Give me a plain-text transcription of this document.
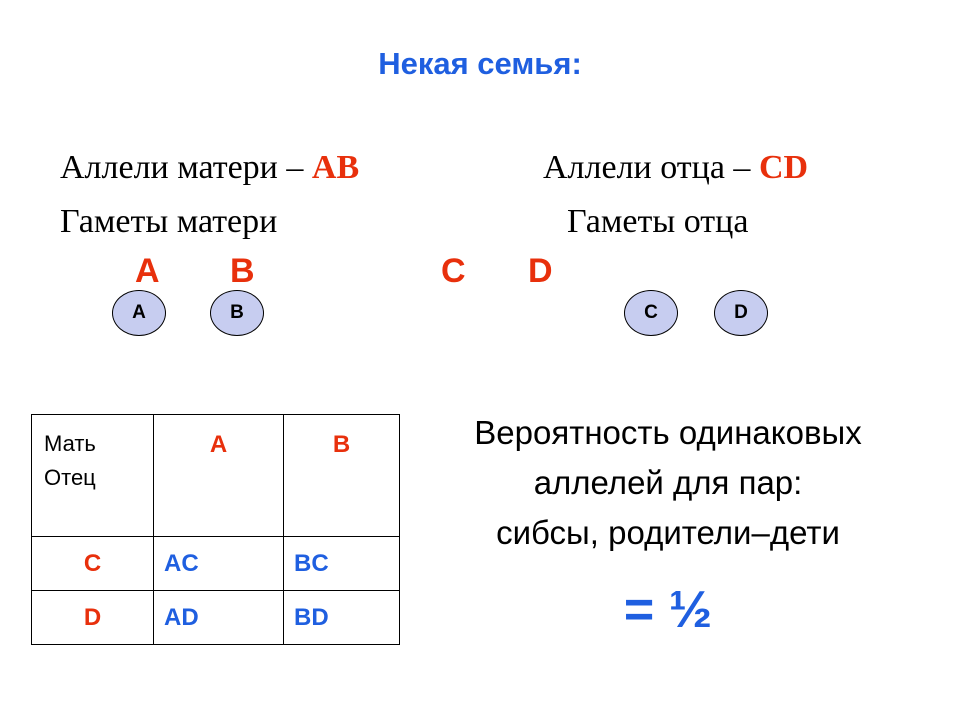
Некая семья:
Аллели матери – АВ
Гаметы матери
A B
Аллели отца – CD
Гаметы отца
C D
A	B	C	D
Мать
Отец	A	B
C	AC	BC
D	AD	BD
Вероятность одинаковых
аллелей для пар:
сибсы, родители–дети
= ½
